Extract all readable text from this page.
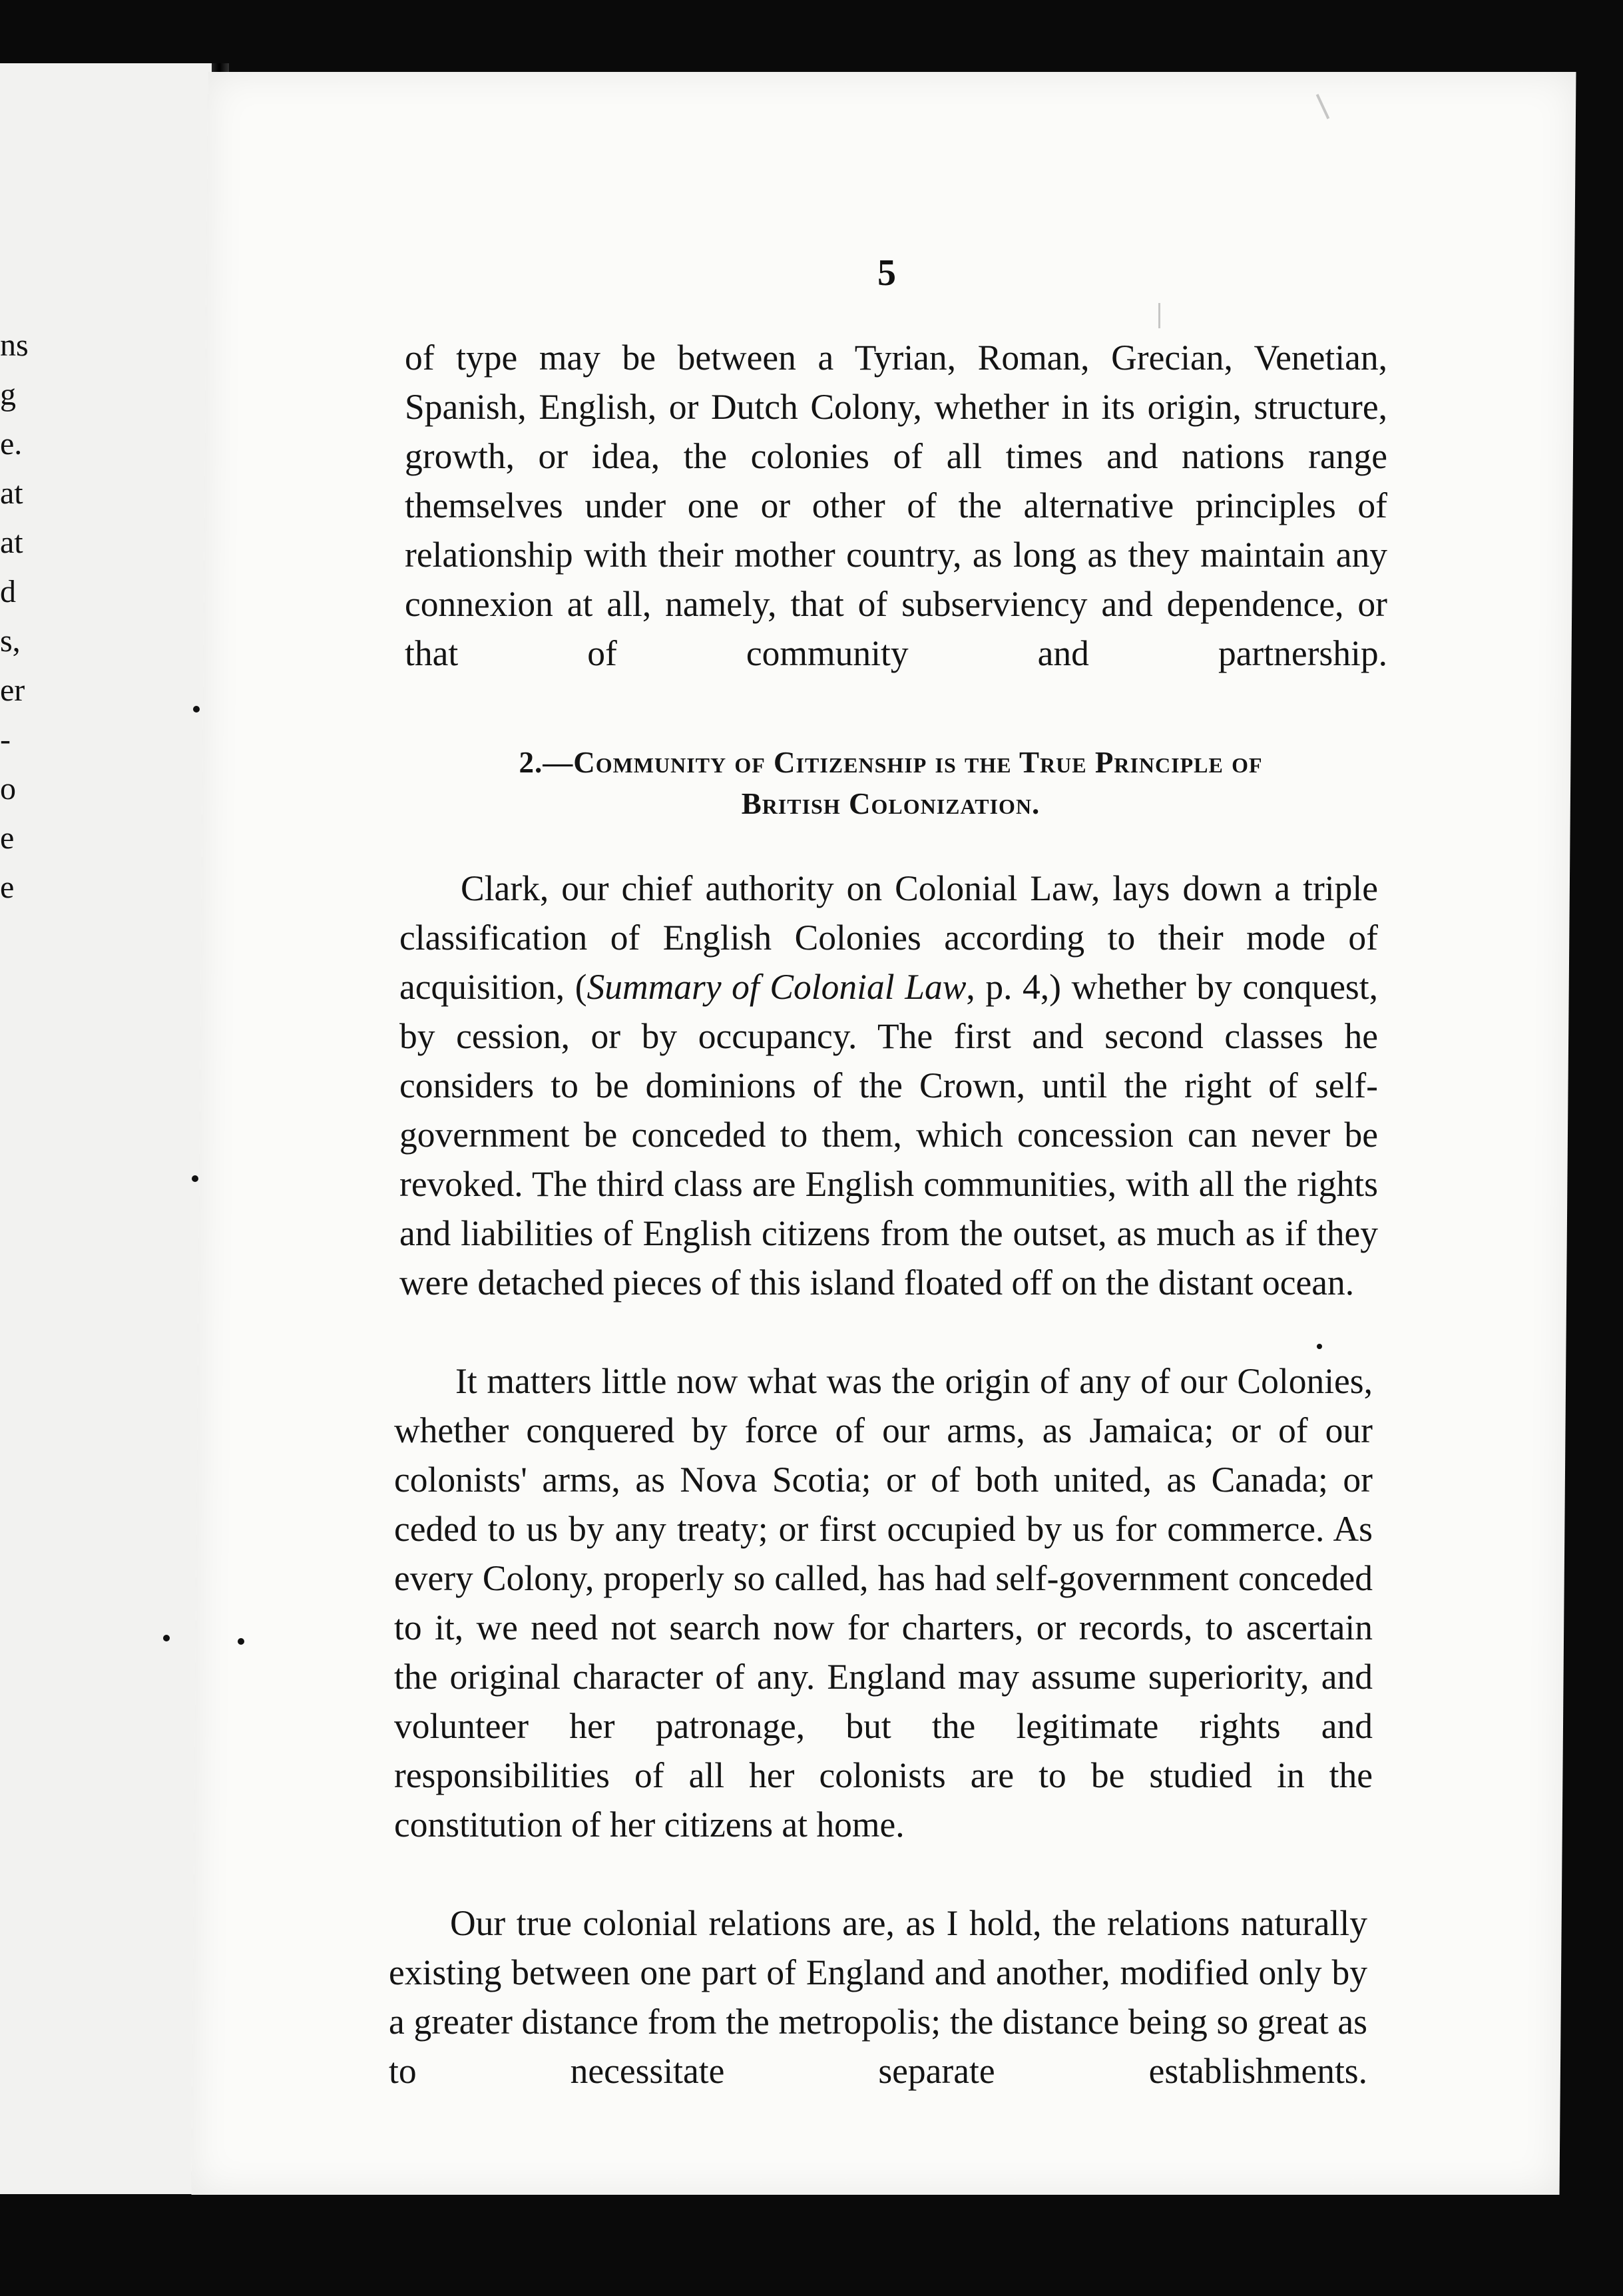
ns

g

e.

at

at

d

s,

er

-

o

e

e

5

of type may be between a Tyrian, Roman, Grecian, Venetian, Spanish, English, or Dutch Colony, whether in its origin, structure, growth, or idea, the colonies of all times and nations range themselves under one or other of the alternative principles of relationship with their mother country, as long as they maintain any connexion at all, namely, that of subserviency and dependence, or that of community and partnership.

2.—Community of Citizenship is the True Principle of
British Colonization.

Clark, our chief authority on Colonial Law, lays down a triple classification of English Colonies according to their mode of acquisition, (Summary of Colonial Law, p. 4,) whether by conquest, by cession, or by occupancy. The first and second classes he considers to be dominions of the Crown, until the right of self-government be conceded to them, which concession can never be revoked. The third class are English communities, with all the rights and liabilities of English citizens from the outset, as much as if they were detached pieces of this island floated off on the distant ocean.

It matters little now what was the origin of any of our Colonies, whether conquered by force of our arms, as Jamaica; or of our colonists' arms, as Nova Scotia; or of both united, as Canada; or ceded to us by any treaty; or first occupied by us for commerce. As every Colony, properly so called, has had self-government conceded to it, we need not search now for charters, or records, to ascertain the original character of any. England may assume superiority, and volunteer her patronage, but the legitimate rights and responsibilities of all her colonists are to be studied in the constitution of her citizens at home.

Our true colonial relations are, as I hold, the relations naturally existing between one part of England and another, modified only by a greater distance from the metropolis; the distance being so great as to necessitate separate establishments.
